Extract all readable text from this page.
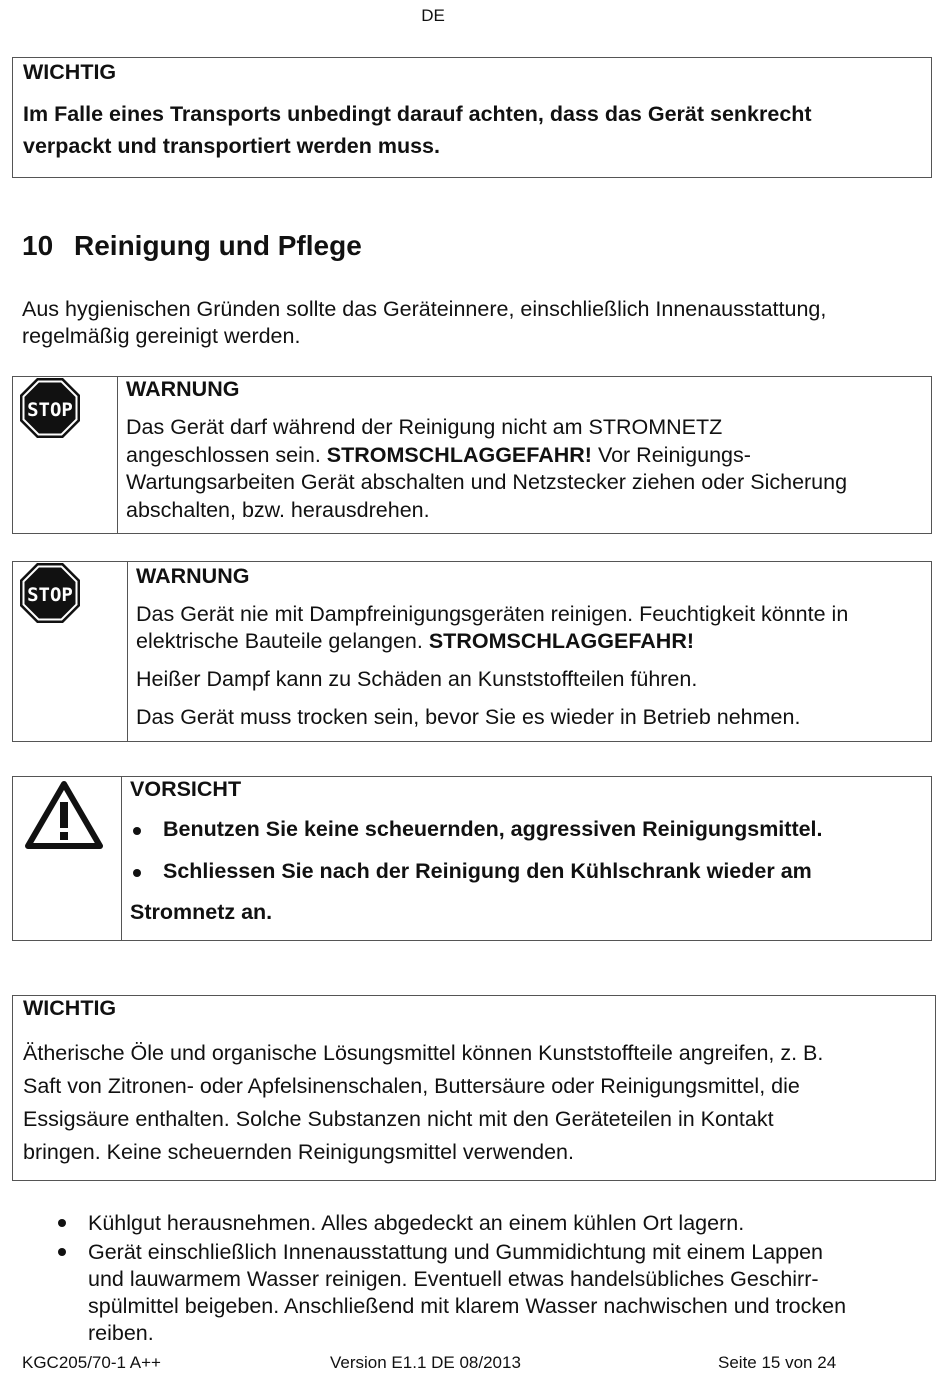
DE
WICHTIG
Im Falle eines Transports unbedingt darauf achten, dass das Gerät senkrecht
verpackt und transportiert werden muss.
10 Reinigung und Pflege
Aus hygienischen Gründen sollte das Geräteinnere, einschließlich Innenausstattung,
regelmäßig gereinigt werden.
STOP
WARNUNG
Das Gerät darf während der Reinigung nicht am STROMNETZ
angeschlossen sein. STROMSCHLAGGEFAHR! Vor Reinigungs-
Wartungsarbeiten Gerät abschalten und Netzstecker ziehen oder Sicherung
abschalten, bzw. herausdrehen.
STOP
WARNUNG
Das Gerät nie mit Dampfreinigungsgeräten reinigen. Feuchtigkeit könnte in
elektrische Bauteile gelangen. STROMSCHLAGGEFAHR!
Heißer Dampf kann zu Schäden an Kunststoffteilen führen.
Das Gerät muss trocken sein, bevor Sie es wieder in Betrieb nehmen.
VORSICHT
Benutzen Sie keine scheuernden, aggressiven Reinigungsmittel.
Schliessen Sie nach der Reinigung den Kühlschrank wieder am
Stromnetz an.
WICHTIG
Ätherische Öle und organische Lösungsmittel können Kunststoffteile angreifen, z. B.
Saft von Zitronen- oder Apfelsinenschalen, Buttersäure oder Reinigungsmittel, die
Essigsäure enthalten. Solche Substanzen nicht mit den Geräteteilen in Kontakt
bringen. Keine scheuernden Reinigungsmittel verwenden.
Kühlgut herausnehmen. Alles abgedeckt an einem kühlen Ort lagern.
Gerät einschließlich Innenausstattung und Gummidichtung mit einem Lappen
und lauwarmem Wasser reinigen. Eventuell etwas handelsübliches Geschirr-
spülmittel beigeben. Anschließend mit klarem Wasser nachwischen und trocken
reiben.
KGC205/70-1 A++	Version E1.1 DE 08/2013	Seite 15 von 24
